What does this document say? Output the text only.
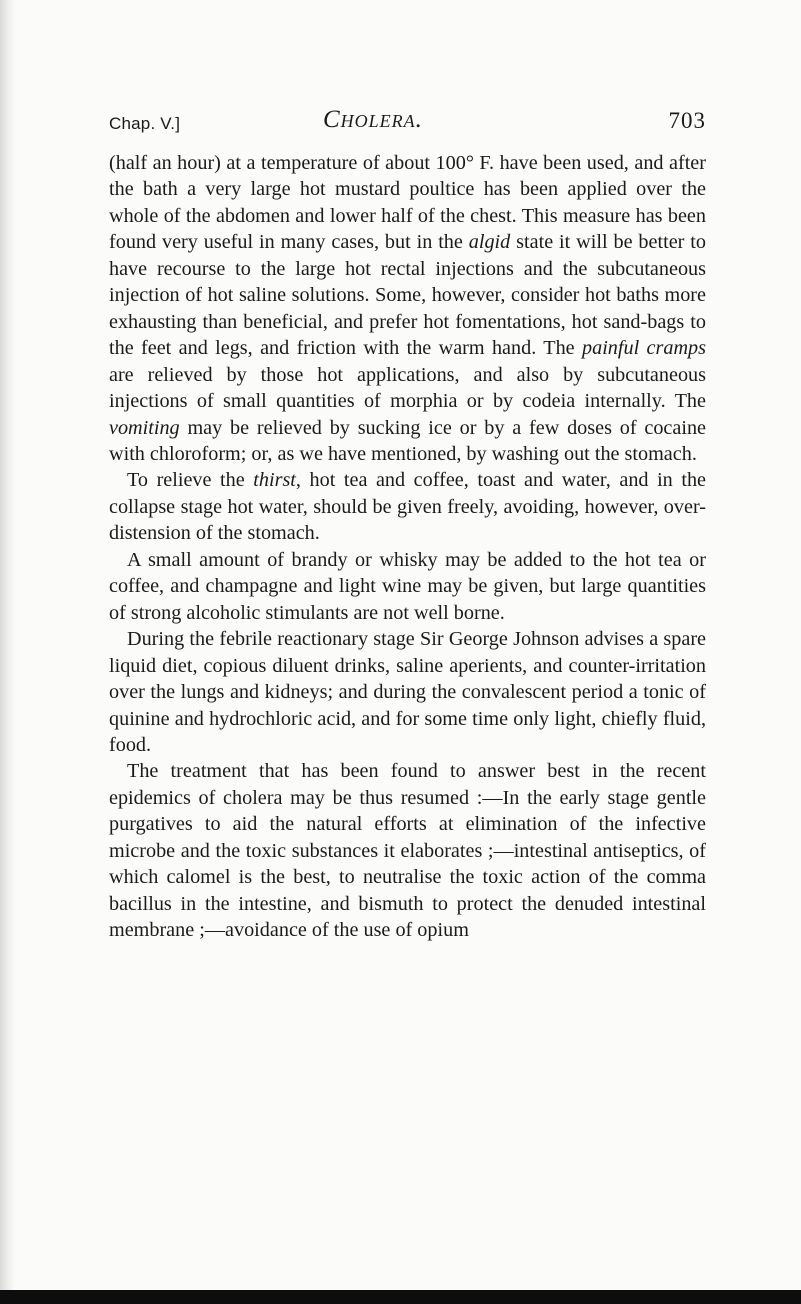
Chap. V.]	Cholera.	703

(half an hour) at a temperature of about 100° F. have been used, and after the bath a very large hot mustard poultice has been applied over the whole of the abdomen and lower half of the chest. This measure has been found very useful in many cases, but in the algid state it will be better to have recourse to the large hot rectal injections and the subcutaneous injection of hot saline solutions. Some, however, consider hot baths more exhausting than beneficial, and prefer hot fomentations, hot sand-bags to the feet and legs, and friction with the warm hand. The painful cramps are relieved by those hot applications, and also by subcutaneous injections of small quantities of morphia or by codeia internally. The vomiting may be relieved by sucking ice or by a few doses of cocaine with chloroform; or, as we have mentioned, by washing out the stomach.

To relieve the thirst, hot tea and coffee, toast and water, and in the collapse stage hot water, should be given freely, avoiding, however, over-distension of the stomach.

A small amount of brandy or whisky may be added to the hot tea or coffee, and champagne and light wine may be given, but large quantities of strong alcoholic stimulants are not well borne.

During the febrile reactionary stage Sir George Johnson advises a spare liquid diet, copious diluent drinks, saline aperients, and counter-irritation over the lungs and kidneys; and during the convalescent period a tonic of quinine and hydrochloric acid, and for some time only light, chiefly fluid, food.

The treatment that has been found to answer best in the recent epidemics of cholera may be thus resumed :—In the early stage gentle purgatives to aid the natural efforts at elimination of the infective microbe and the toxic substances it elaborates ;—intestinal antiseptics, of which calomel is the best, to neutralise the toxic action of the comma bacillus in the intestine, and bismuth to protect the denuded intestinal membrane ;—avoidance of the use of opium
